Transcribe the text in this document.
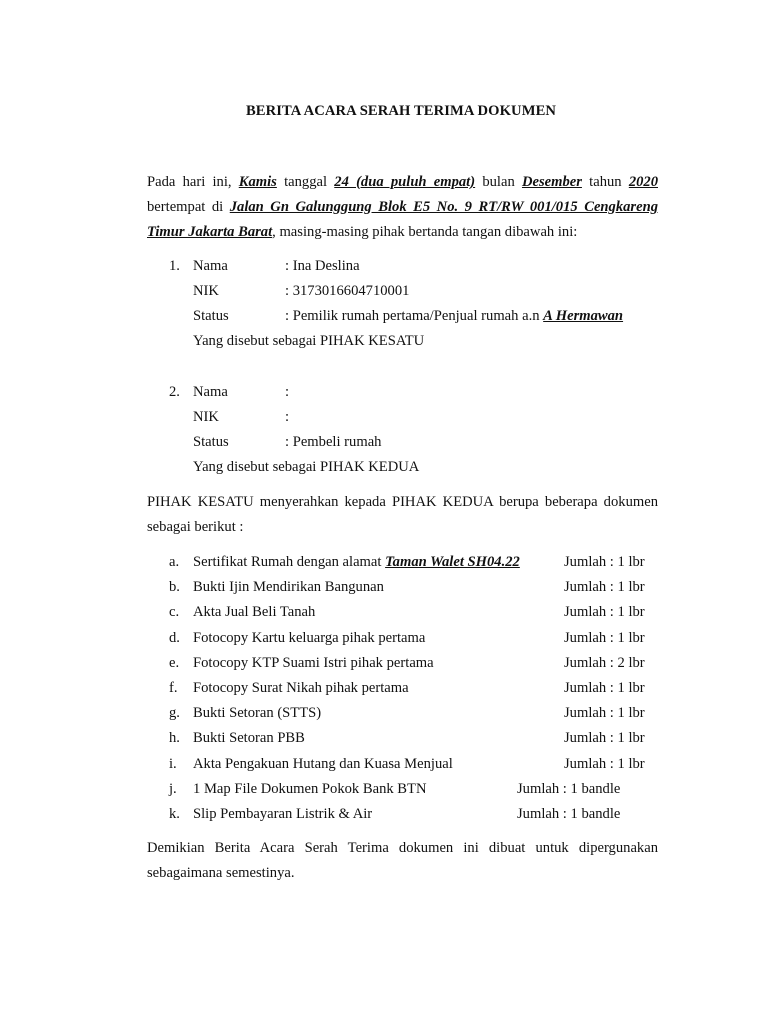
BERITA ACARA SERAH TERIMA DOKUMEN
Pada hari ini, Kamis tanggal 24 (dua puluh empat) bulan Desember tahun 2020 bertempat di Jalan Gn Galunggung Blok E5 No. 9 RT/RW 001/015 Cengkareng Timur Jakarta Barat, masing-masing pihak bertanda tangan dibawah ini:
1. Nama	: Ina Deslina
NIK	: 3173016604710001
Status	: Pemilik rumah pertama/Penjual rumah a.n A Hermawan
Yang disebut sebagai PIHAK KESATU
2. Nama	:
NIK	:
Status	: Pembeli rumah
Yang disebut sebagai PIHAK KEDUA
PIHAK KESATU menyerahkan kepada PIHAK KEDUA berupa beberapa dokumen sebagai berikut :
a. Sertifikat Rumah dengan alamat Taman Walet SH04.22	Jumlah : 1 lbr
b. Bukti Ijin Mendirikan Bangunan	Jumlah : 1 lbr
c. Akta Jual Beli Tanah	Jumlah : 1 lbr
d. Fotocopy Kartu keluarga pihak pertama	Jumlah : 1 lbr
e. Fotocopy KTP Suami Istri pihak pertama	Jumlah : 2 lbr
f. Fotocopy Surat Nikah pihak pertama	Jumlah : 1 lbr
g. Bukti Setoran (STTS)	Jumlah : 1 lbr
h. Bukti Setoran PBB	Jumlah : 1 lbr
i. Akta Pengakuan Hutang dan Kuasa Menjual	Jumlah : 1 lbr
j. 1 Map File Dokumen Pokok Bank BTN	Jumlah : 1 bandle
k. Slip Pembayaran Listrik & Air	Jumlah : 1 bandle
Demikian Berita Acara Serah Terima dokumen ini dibuat untuk dipergunakan sebagaimana semestinya.
